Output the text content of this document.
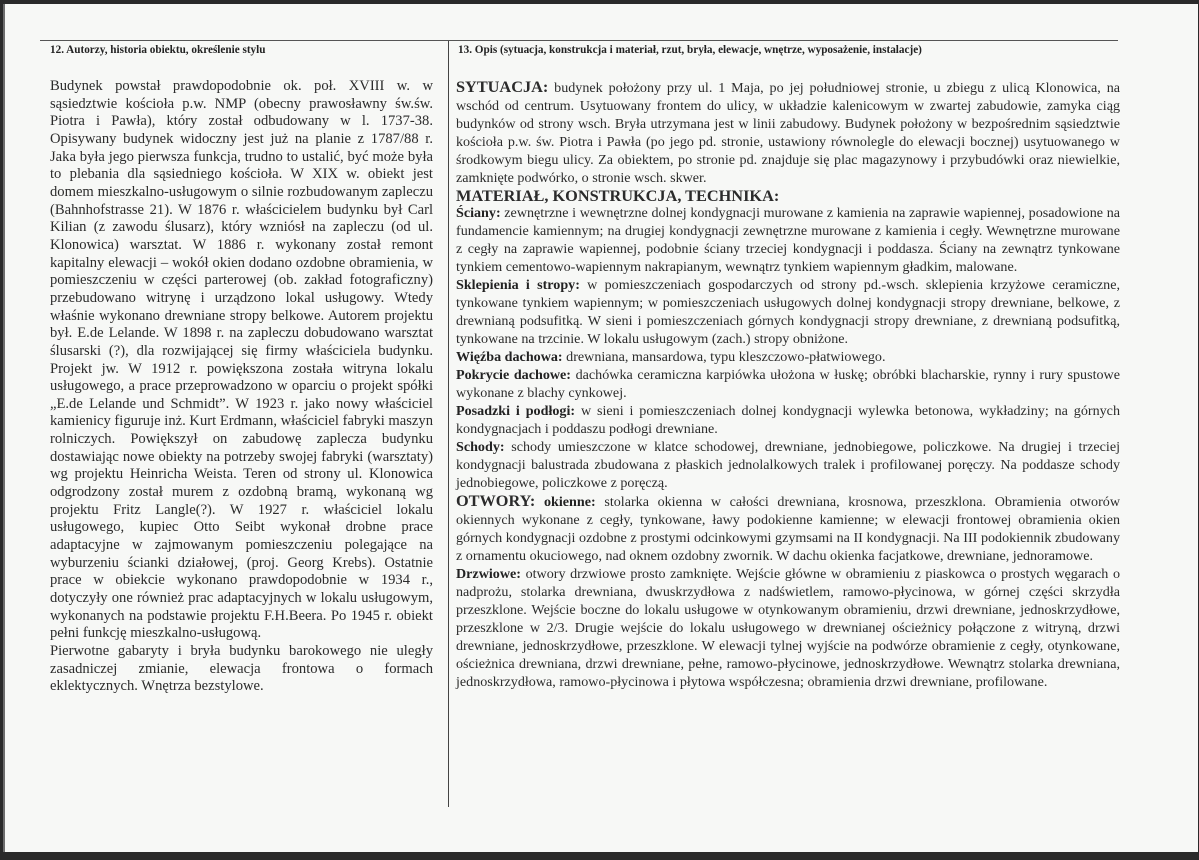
12. Autorzy, historia obiektu, określenie stylu

Budynek powstał prawdopodobnie ok. poł. XVIII w. w sąsiedztwie kościoła p.w. NMP (obecny prawosławny św.św. Piotra i Pawła), który został odbudowany w l. 1737-38. Opisywany budynek widoczny jest już na planie z 1787/88 r. Jaka była jego pierwsza funkcja, trudno to ustalić, być może była to plebania dla sąsiedniego kościoła. W XIX w. obiekt jest domem mieszkalno-usługowym o silnie rozbudowanym zapleczu (Bahnhofstrasse 21). W 1876 r. właścicielem budynku był Carl Kilian (z zawodu ślusarz), który wzniósł na zapleczu (od ul. Klonowica) warsztat. W 1886 r. wykonany został remont kapitalny elewacji – wokół okien dodano ozdobne obramienia, w pomieszczeniu w części parterowej (ob. zakład fotograficzny) przebudowano witrynę i urządzono lokal usługowy. Wtedy właśnie wykonano drewniane stropy belkowe. Autorem projektu był. E.de Lelande. W 1898 r. na zapleczu dobudowano warsztat ślusarski (?), dla rozwijającej się firmy właściciela budynku. Projekt jw. W 1912 r. powiększona została witryna lokalu usługowego, a prace przeprowadzono w oparciu o projekt spółki „E.de Lelande und Schmidt”. W 1923 r. jako nowy właściciel kamienicy figuruje inż. Kurt Erdmann, właściciel fabryki maszyn rolniczych. Powiększył on zabudowę zaplecza budynku dostawiając nowe obiekty na potrzeby swojej fabryki (warsztaty) wg projektu Heinricha Weista. Teren od strony ul. Klonowica odgrodzony został murem z ozdobną bramą, wykonaną wg projektu Fritz Langle(?). W 1927 r. właściciel lokalu usługowego, kupiec Otto Seibt wykonał drobne prace adaptacyjne w zajmowanym pomieszczeniu polegające na wyburzeniu ścianki działowej, (proj. Georg Krebs). Ostatnie prace w obiekcie wykonano prawdopodobnie w 1934 r., dotyczyły one również prac adaptacyjnych w lokalu usługowym, wykonanych na podstawie projektu F.H.Beera. Po 1945 r. obiekt pełni funkcję mieszkalno-usługową.

Pierwotne gabaryty i bryła budynku barokowego nie uległy zasadniczej zmianie, elewacja frontowa o formach eklektycznych. Wnętrza bezstylowe.

13. Opis (sytuacja, konstrukcja i materiał, rzut, bryła, elewacje, wnętrze, wyposażenie, instalacje)

SYTUACJA: budynek położony przy ul. 1 Maja, po jej południowej stronie, u zbiegu z ulicą Klonowica, na wschód od centrum. Usytuowany frontem do ulicy, w układzie kalenicowym w zwartej zabudowie, zamyka ciąg budynków od strony wsch. Bryła utrzymana jest w linii zabudowy. Budynek położony w bezpośrednim sąsiedztwie kościoła p.w. św. Piotra i Pawła (po jego pd. stronie, ustawiony równolegle do elewacji bocznej) usytuowanego w środkowym biegu ulicy. Za obiektem, po stronie pd. znajduje się plac magazynowy i przybudówki oraz niewielkie, zamknięte podwórko, o stronie wsch. skwer.

MATERIAŁ, KONSTRUKCJA, TECHNIKA:

Ściany: zewnętrzne i wewnętrzne dolnej kondygnacji murowane z kamienia na zaprawie wapiennej, posadowione na fundamencie kamiennym; na drugiej kondygnacji zewnętrzne murowane z kamienia i cegły. Wewnętrzne murowane z cegły na zaprawie wapiennej, podobnie ściany trzeciej kondygnacji i poddasza. Ściany na zewnątrz tynkowane tynkiem cementowo-wapiennym nakrapianym, wewnątrz tynkiem wapiennym gładkim, malowane.

Sklepienia i stropy: w pomieszczeniach gospodarczych od strony pd.-wsch. sklepienia krzyżowe ceramiczne, tynkowane tynkiem wapiennym; w pomieszczeniach usługowych dolnej kondygnacji stropy drewniane, belkowe, z drewnianą podsufitką. W sieni i pomieszczeniach górnych kondygnacji stropy drewniane, z drewnianą podsufitką, tynkowane na trzcinie. W lokalu usługowym (zach.) stropy obniżone.

Więźba dachowa: drewniana, mansardowa, typu kleszczowo-płatwiowego.

Pokrycie dachowe: dachówka ceramiczna karpiówka ułożona w łuskę; obróbki blacharskie, rynny i rury spustowe wykonane z blachy cynkowej.

Posadzki i podłogi: w sieni i pomieszczeniach dolnej kondygnacji wylewka betonowa, wykładziny; na górnych kondygnacjach i poddaszu podłogi drewniane.

Schody: schody umieszczone w klatce schodowej, drewniane, jednobiegowe, policzkowe. Na drugiej i trzeciej kondygnacji balustrada zbudowana z płaskich jednolalkowych tralek i profilowanej poręczy. Na poddasze schody jednobiegowe, policzkowe z poręczą.

OTWORY: okienne: stolarka okienna w całości drewniana, krosnowa, przeszklona. Obramienia otworów okiennych wykonane z cegły, tynkowane, ławy podokienne kamienne; w elewacji frontowej obramienia okien górnych kondygnacji ozdobne z prostymi odcinkowymi gzymsami na II kondygnacji. Na III podokiennik zbudowany z ornamentu okuciowego, nad oknem ozdobny zwornik. W dachu okienka facjatkowe, drewniane, jednoramowe.

Drzwiowe: otwory drzwiowe prosto zamknięte. Wejście główne w obramieniu z piaskowca o prostych węgarach o nadprożu, stolarka drewniana, dwuskrzydłowa z nadświetlem, ramowo-płycinowa, w górnej części skrzydła przeszklone. Wejście boczne do lokalu usługowe w otynkowanym obramieniu, drzwi drewniane, jednoskrzydłowe, przeszklone w 2/3. Drugie wejście do lokalu usługowego w drewnianej ościeżnicy połączone z witryną, drzwi drewniane, jednoskrzydłowe, przeszklone. W elewacji tylnej wyjście na podwórze obramienie z cegły, otynkowane, ościeżnica drewniana, drzwi drewniane, pełne, ramowo-płycinowe, jednoskrzydłowe. Wewnątrz stolarka drewniana, jednoskrzydłowa, ramowo-płycinowa i płytowa współczesna; obramienia drzwi drewniane, profilowane.
